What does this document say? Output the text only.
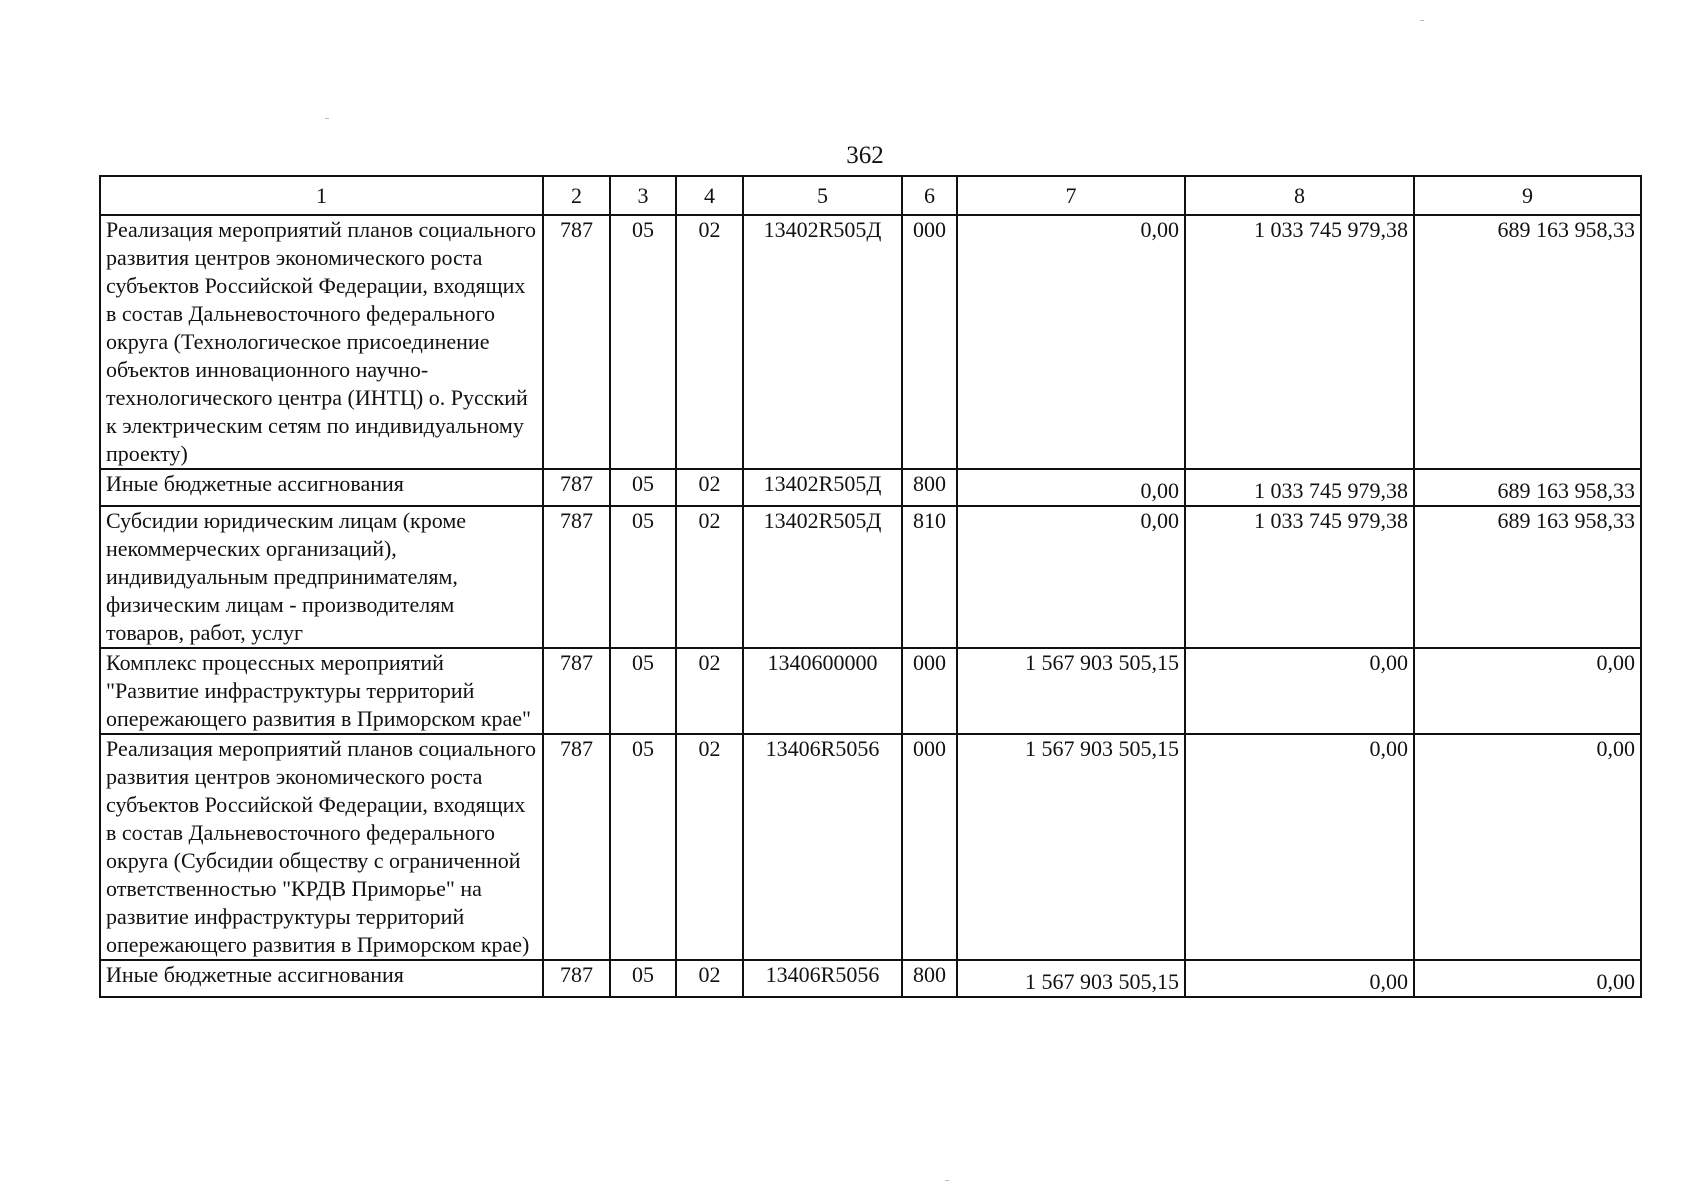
362
1	2	3	4	5	6	7	8	9
Реализация мероприятий планов социального развития центров экономического роста субъектов Российской Федерации, входящих в состав Дальневосточного федерального округа (Технологическое присоединение объектов инновационного научно-технологического центра (ИНТЦ) о. Русский к электрическим сетям по индивидуальному проекту)	787	05	02	13402R505Д	000	0,00	1 033 745 979,38	689 163 958,33
Иные бюджетные ассигнования	787	05	02	13402R505Д	800	0,00	1 033 745 979,38	689 163 958,33
Субсидии юридическим лицам (кроме некоммерческих организаций), индивидуальным предпринимателям, физическим лицам - производителям товаров, работ, услуг	787	05	02	13402R505Д	810	0,00	1 033 745 979,38	689 163 958,33
Комплекс процессных мероприятий "Развитие инфраструктуры территорий опережающего развития в Приморском крае"	787	05	02	1340600000	000	1 567 903 505,15	0,00	0,00
Реализация мероприятий планов социального развития центров экономического роста субъектов Российской Федерации, входящих в состав Дальневосточного федерального округа (Субсидии обществу с ограниченной ответственностью "КРДВ Приморье" на развитие инфраструктуры территорий опережающего развития в Приморском крае)	787	05	02	13406R5056	000	1 567 903 505,15	0,00	0,00
Иные бюджетные ассигнования	787	05	02	13406R5056	800	1 567 903 505,15	0,00	0,00
